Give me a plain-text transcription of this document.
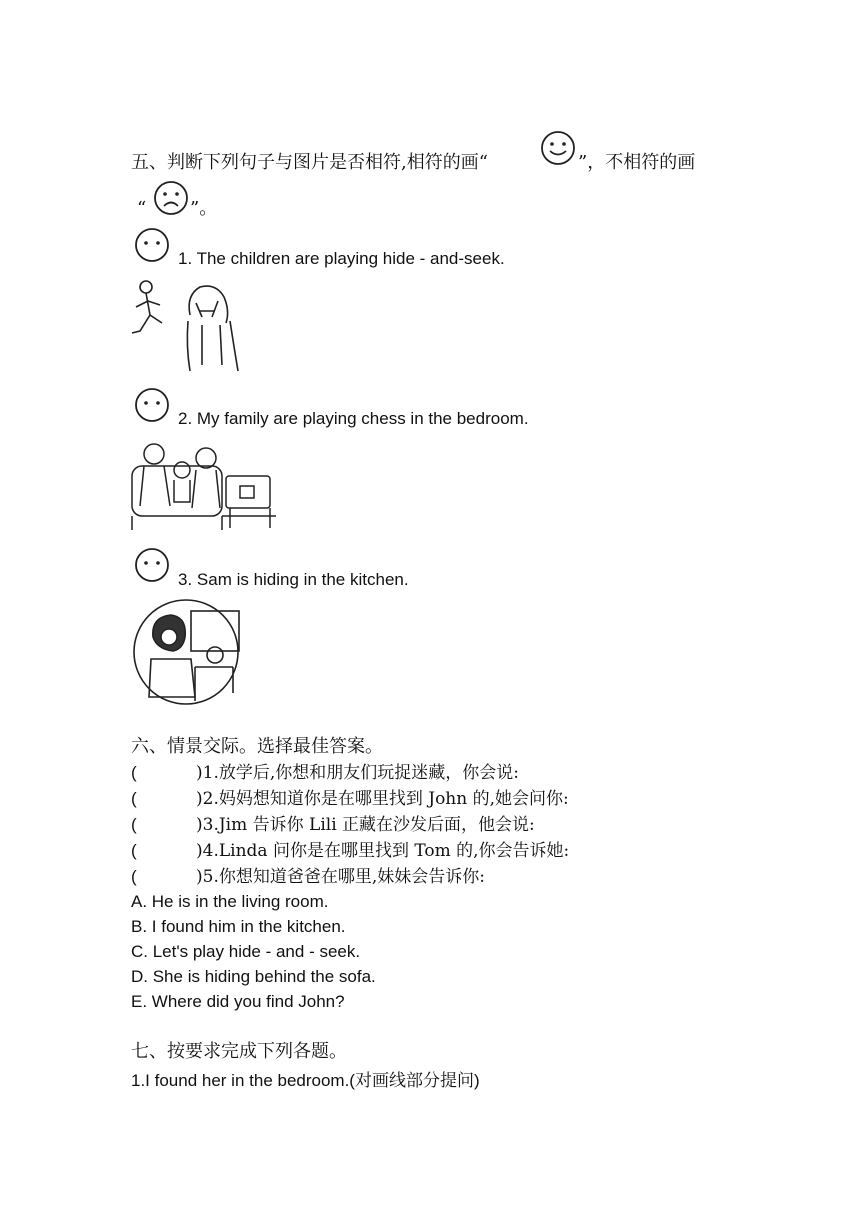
五、判断下列句子与图片是否相符,相符的画“	”，不相符的画
“ ”。
1. The children are playing hide - and-seek.
2. My family are playing chess in the bedroom.
3. Sam is hiding in the kitchen.
六、情景交际。选择最佳答案。
(	)1.放学后,你想和朋友们玩捉迷藏，你会说:
(	)2.妈妈想知道你是在哪里找到 John 的,她会问你:
(	)3.Jim 告诉你 Lili 正藏在沙发后面，他会说:
(	)4.Linda 问你是在哪里找到 Tom 的,你会告诉她:
(	)5.你想知道爸爸在哪里,妹妹会告诉你:
A. He is in the living room.
B. I found him in the kitchen.
C. Let's play hide - and - seek.
D. She is hiding behind the sofa.
E. Where did you find John?
七、按要求完成下列各题。
1.I found her in the bedroom.(对画线部分提问)
